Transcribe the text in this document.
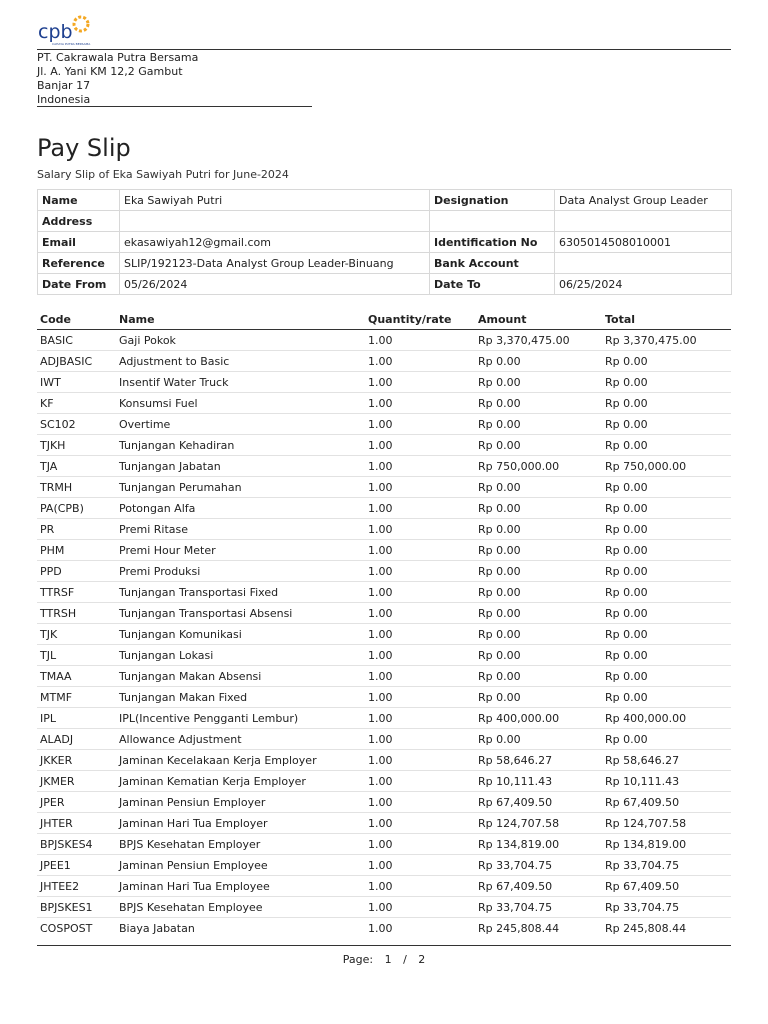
cpb
CAHAYA PUTRA BERSAMA
PT. Cakrawala Putra Bersama
Jl. A. Yani KM 12,2 Gambut
Banjar 17
Indonesia
Pay Slip
Salary Slip of Eka Sawiyah Putri for June-2024
Name	Eka Sawiyah Putri	Designation	Data Analyst Group Leader
Address			
Email	ekasawiyah12@gmail.com	Identification No	6305014508010001
Reference	SLIP/192123-Data Analyst Group Leader-Binuang	Bank Account	
Date From	05/26/2024	Date To	06/25/2024
Code	Name	Quantity/rate	Amount	Total
BASIC	Gaji Pokok	1.00	Rp 3,370,475.00	Rp 3,370,475.00
ADJBASIC	Adjustment to Basic	1.00	Rp 0.00	Rp 0.00
IWT	Insentif Water Truck	1.00	Rp 0.00	Rp 0.00
KF	Konsumsi Fuel	1.00	Rp 0.00	Rp 0.00
SC102	Overtime	1.00	Rp 0.00	Rp 0.00
TJKH	Tunjangan Kehadiran	1.00	Rp 0.00	Rp 0.00
TJA	Tunjangan Jabatan	1.00	Rp 750,000.00	Rp 750,000.00
TRMH	Tunjangan Perumahan	1.00	Rp 0.00	Rp 0.00
PA(CPB)	Potongan Alfa	1.00	Rp 0.00	Rp 0.00
PR	Premi Ritase	1.00	Rp 0.00	Rp 0.00
PHM	Premi Hour Meter	1.00	Rp 0.00	Rp 0.00
PPD	Premi Produksi	1.00	Rp 0.00	Rp 0.00
TTRSF	Tunjangan Transportasi Fixed	1.00	Rp 0.00	Rp 0.00
TTRSH	Tunjangan Transportasi Absensi	1.00	Rp 0.00	Rp 0.00
TJK	Tunjangan Komunikasi	1.00	Rp 0.00	Rp 0.00
TJL	Tunjangan Lokasi	1.00	Rp 0.00	Rp 0.00
TMAA	Tunjangan Makan Absensi	1.00	Rp 0.00	Rp 0.00
MTMF	Tunjangan Makan Fixed	1.00	Rp 0.00	Rp 0.00
IPL	IPL(Incentive Pengganti Lembur)	1.00	Rp 400,000.00	Rp 400,000.00
ALADJ	Allowance Adjustment	1.00	Rp 0.00	Rp 0.00
JKKER	Jaminan Kecelakaan Kerja Employer	1.00	Rp 58,646.27	Rp 58,646.27
JKMER	Jaminan Kematian Kerja Employer	1.00	Rp 10,111.43	Rp 10,111.43
JPER	Jaminan Pensiun Employer	1.00	Rp 67,409.50	Rp 67,409.50
JHTER	Jaminan Hari Tua Employer	1.00	Rp 124,707.58	Rp 124,707.58
BPJSKES4	BPJS Kesehatan Employer	1.00	Rp 134,819.00	Rp 134,819.00
JPEE1	Jaminan Pensiun Employee	1.00	Rp 33,704.75	Rp 33,704.75
JHTEE2	Jaminan Hari Tua Employee	1.00	Rp 67,409.50	Rp 67,409.50
BPJSKES1	BPJS Kesehatan Employee	1.00	Rp 33,704.75	Rp 33,704.75
COSPOST	Biaya Jabatan	1.00	Rp 245,808.44	Rp 245,808.44
Page: 1 / 2
